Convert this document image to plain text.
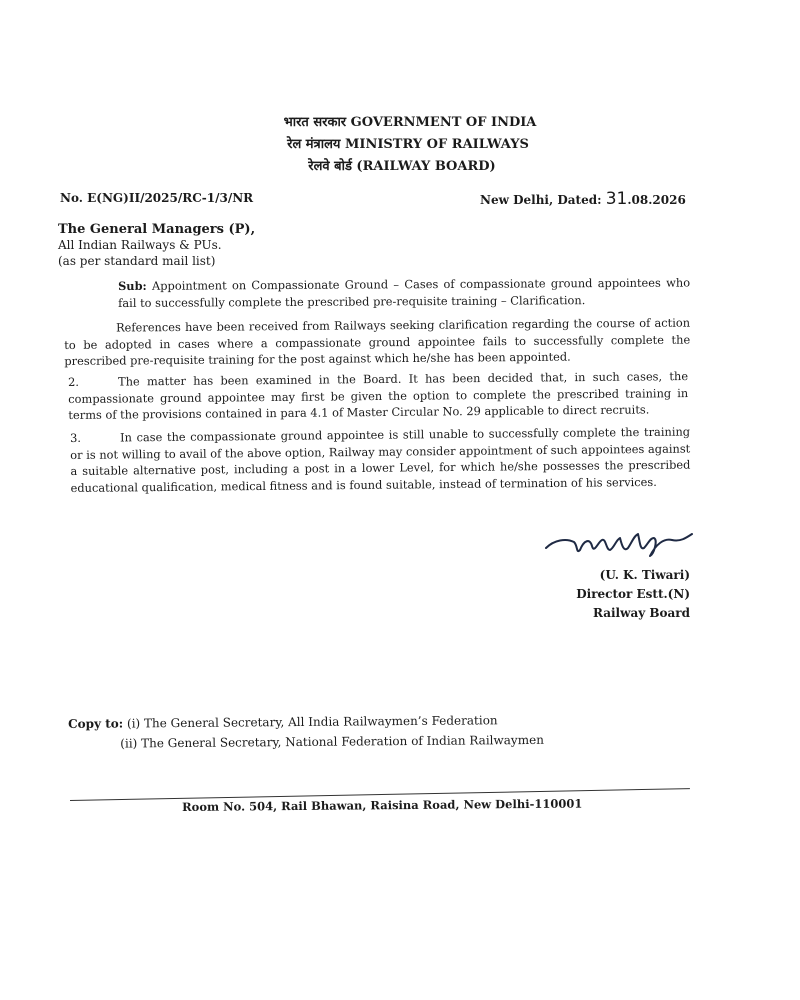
भारत सरकार GOVERNMENT OF INDIA
रेल मंत्रालय MINISTRY OF RAILWAYS
रेलवे बोर्ड (RAILWAY BOARD)
No. E(NG)II/2025/RC-1/3/NR	New Delhi, Dated: 31.08.2026
The General Managers (P),
All Indian Railways & PUs.
(as per standard mail list)
Sub: Appointment on Compassionate Ground – Cases of compassionate ground appointees who fail to successfully complete the prescribed pre-requisite training – Clarification.
References have been received from Railways seeking clarification regarding the course of action to be adopted in cases where a compassionate ground appointee fails to successfully complete the prescribed pre-requisite training for the post against which he/she has been appointed.
2.	The matter has been examined in the Board. It has been decided that, in such cases, the compassionate ground appointee may first be given the option to complete the prescribed training in terms of the provisions contained in para 4.1 of Master Circular No. 29 applicable to direct recruits.
3.	In case the compassionate ground appointee is still unable to successfully complete the training or is not willing to avail of the above option, Railway may consider appointment of such appointees against a suitable alternative post, including a post in a lower Level, for which he/she possesses the prescribed educational qualification, medical fitness and is found suitable, instead of termination of his services.
(U. K. Tiwari)
Director Estt.(N)
Railway Board
Copy to: (i) The General Secretary, All India Railwaymen’s Federation
(ii) The General Secretary, National Federation of Indian Railwaymen
Room No. 504, Rail Bhawan, Raisina Road, New Delhi-110001
